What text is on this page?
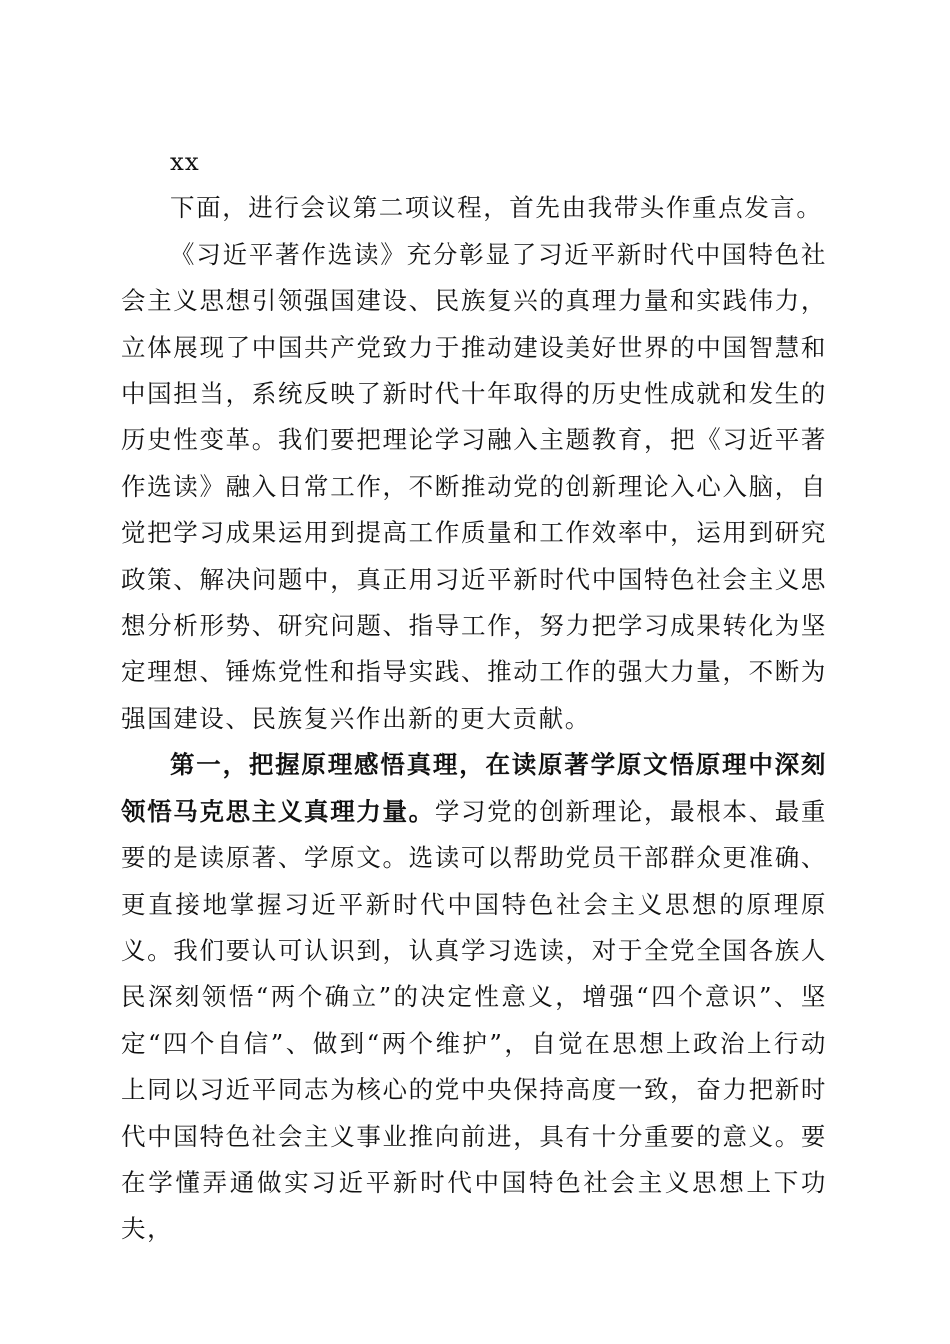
xx

下面，进行会议第二项议程，首先由我带头作重点发言。

《习近平著作选读》充分彰显了习近平新时代中国特色社会主义思想引领强国建设、民族复兴的真理力量和实践伟力，立体展现了中国共产党致力于推动建设美好世界的中国智慧和中国担当，系统反映了新时代十年取得的历史性成就和发生的历史性变革。我们要把理论学习融入主题教育，把《习近平著作选读》融入日常工作，不断推动党的创新理论入心入脑，自觉把学习成果运用到提高工作质量和工作效率中，运用到研究政策、解决问题中，真正用习近平新时代中国特色社会主义思想分析形势、研究问题、指导工作，努力把学习成果转化为坚定理想、锤炼党性和指导实践、推动工作的强大力量，不断为强国建设、民族复兴作出新的更大贡献。

第一，把握原理感悟真理，在读原著学原文悟原理中深刻领悟马克思主义真理力量。学习党的创新理论，最根本、最重要的是读原著、学原文。选读可以帮助党员干部群众更准确、更直接地掌握习近平新时代中国特色社会主义思想的原理原义。我们要认可认识到，认真学习选读，对于全党全国各族人民深刻领悟“两个确立”的决定性意义，增强“四个意识”、坚定“四个自信”、做到“两个维护”，自觉在思想上政治上行动上同以习近平同志为核心的党中央保持高度一致，奋力把新时代中国特色社会主义事业推向前进，具有十分重要的意义。要在学懂弄通做实习近平新时代中国特色社会主义思想上下功夫，
